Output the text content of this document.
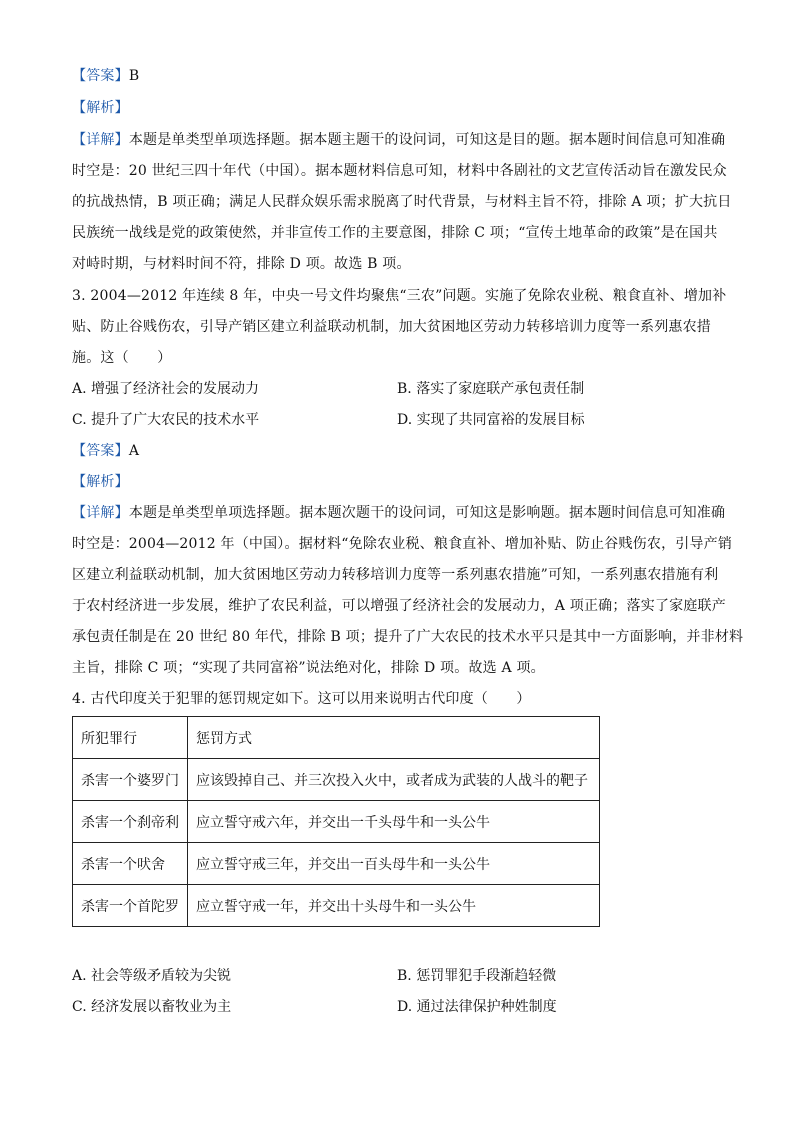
【答案】B
【解析】
【详解】本题是单类型单项选择题。据本题主题干的设问词，可知这是目的题。据本题时间信息可知准确
时空是：20 世纪三四十年代（中国）。据本题材料信息可知，材料中各剧社的文艺宣传活动旨在激发民众
的抗战热情，B 项正确；满足人民群众娱乐需求脱离了时代背景，与材料主旨不符，排除 A 项；扩大抗日
民族统一战线是党的政策使然，并非宣传工作的主要意图，排除 C 项；“宣传土地革命的政策”是在国共
对峙时期，与材料时间不符，排除 D 项。故选 B 项。
3. 2004—2012 年连续 8 年，中央一号文件均聚焦“三农”问题。实施了免除农业税、粮食直补、增加补
贴、防止谷贱伤农，引导产销区建立利益联动机制，加大贫困地区劳动力转移培训力度等一系列惠农措
施。这（　　）
A. 增强了经济社会的发展动力	B. 落实了家庭联产承包责任制
C. 提升了广大农民的技术水平	D. 实现了共同富裕的发展目标
【答案】A
【解析】
【详解】本题是单类型单项选择题。据本题次题干的设问词，可知这是影响题。据本题时间信息可知准确
时空是：2004—2012 年（中国）。据材料“免除农业税、粮食直补、增加补贴、防止谷贱伤农，引导产销
区建立利益联动机制，加大贫困地区劳动力转移培训力度等一系列惠农措施”可知，一系列惠农措施有利
于农村经济进一步发展，维护了农民利益，可以增强了经济社会的发展动力，A 项正确；落实了家庭联产
承包责任制是在 20 世纪 80 年代，排除 B 项；提升了广大农民的技术水平只是其中一方面影响，并非材料
主旨，排除 C 项；“实现了共同富裕”说法绝对化，排除 D 项。故选 A 项。
4. 古代印度关于犯罪的惩罚规定如下。这可以用来说明古代印度（　　）
所犯罪行	惩罚方式
杀害一个婆罗门	应该毁掉自己、并三次投入火中，或者成为武装的人战斗的靶子
杀害一个刹帝利	应立誓守戒六年，并交出一千头母牛和一头公牛
杀害一个吠舍	应立誓守戒三年，并交出一百头母牛和一头公牛
杀害一个首陀罗	应立誓守戒一年，并交出十头母牛和一头公牛
A. 社会等级矛盾较为尖锐	B. 惩罚罪犯手段渐趋轻微
C. 经济发展以畜牧业为主	D. 通过法律保护种姓制度
